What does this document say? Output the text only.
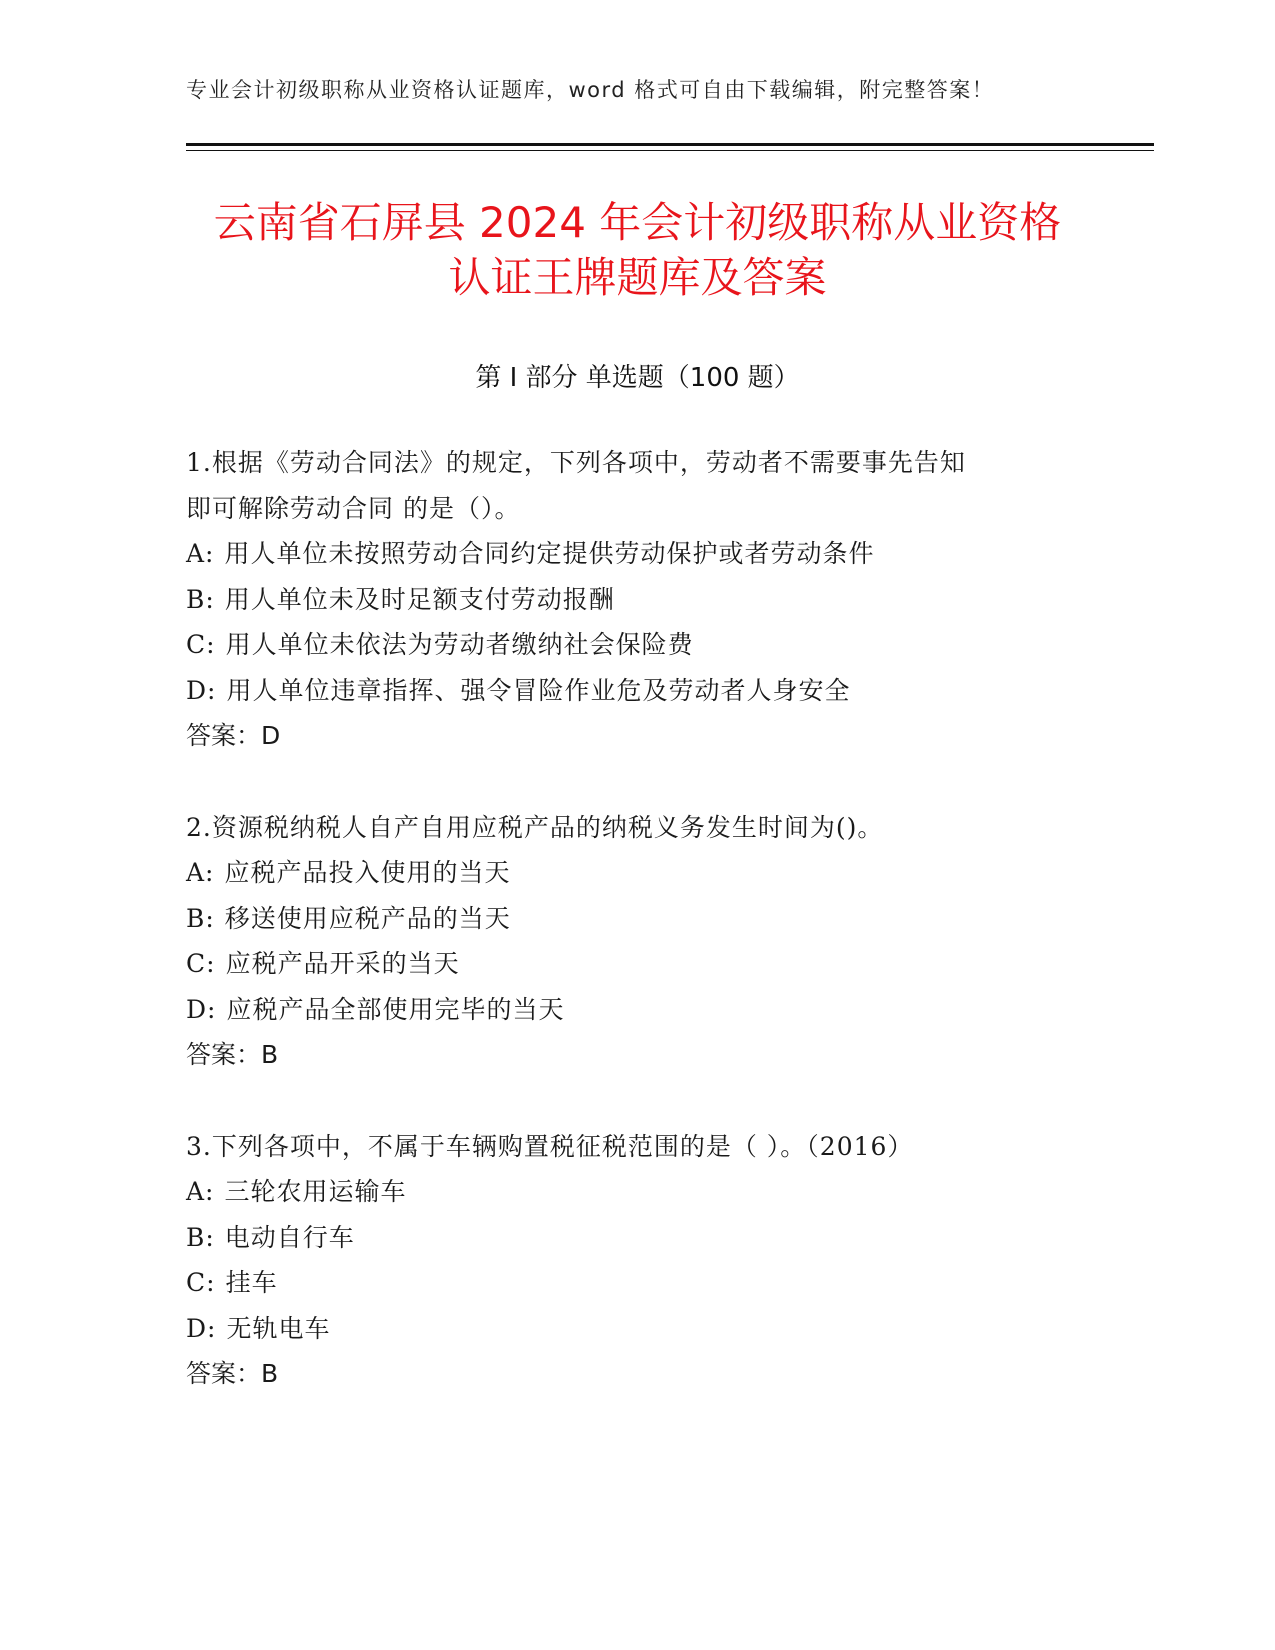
专业会计初级职称从业资格认证题库，word 格式可自由下载编辑，附完整答案！
云南省石屏县 2024 年会计初级职称从业资格
认证王牌题库及答案
第 I 部分 单选题（100 题）
1.根据《劳动合同法》的规定，下列各项中，劳动者不需要事先告知
即可解除劳动合同 的是（）。
A: 用人单位未按照劳动合同约定提供劳动保护或者劳动条件
B: 用人单位未及时足额支付劳动报酬
C: 用人单位未依法为劳动者缴纳社会保险费
D: 用人单位违章指挥、强令冒险作业危及劳动者人身安全
答案：D
2.资源税纳税人自产自用应税产品的纳税义务发生时间为()。
A: 应税产品投入使用的当天
B: 移送使用应税产品的当天
C: 应税产品开采的当天
D: 应税产品全部使用完毕的当天
答案：B
3.下列各项中，不属于车辆购置税征税范围的是（ ）。（2016）
A: 三轮农用运输车
B: 电动自行车
C: 挂车
D: 无轨电车
答案：B
